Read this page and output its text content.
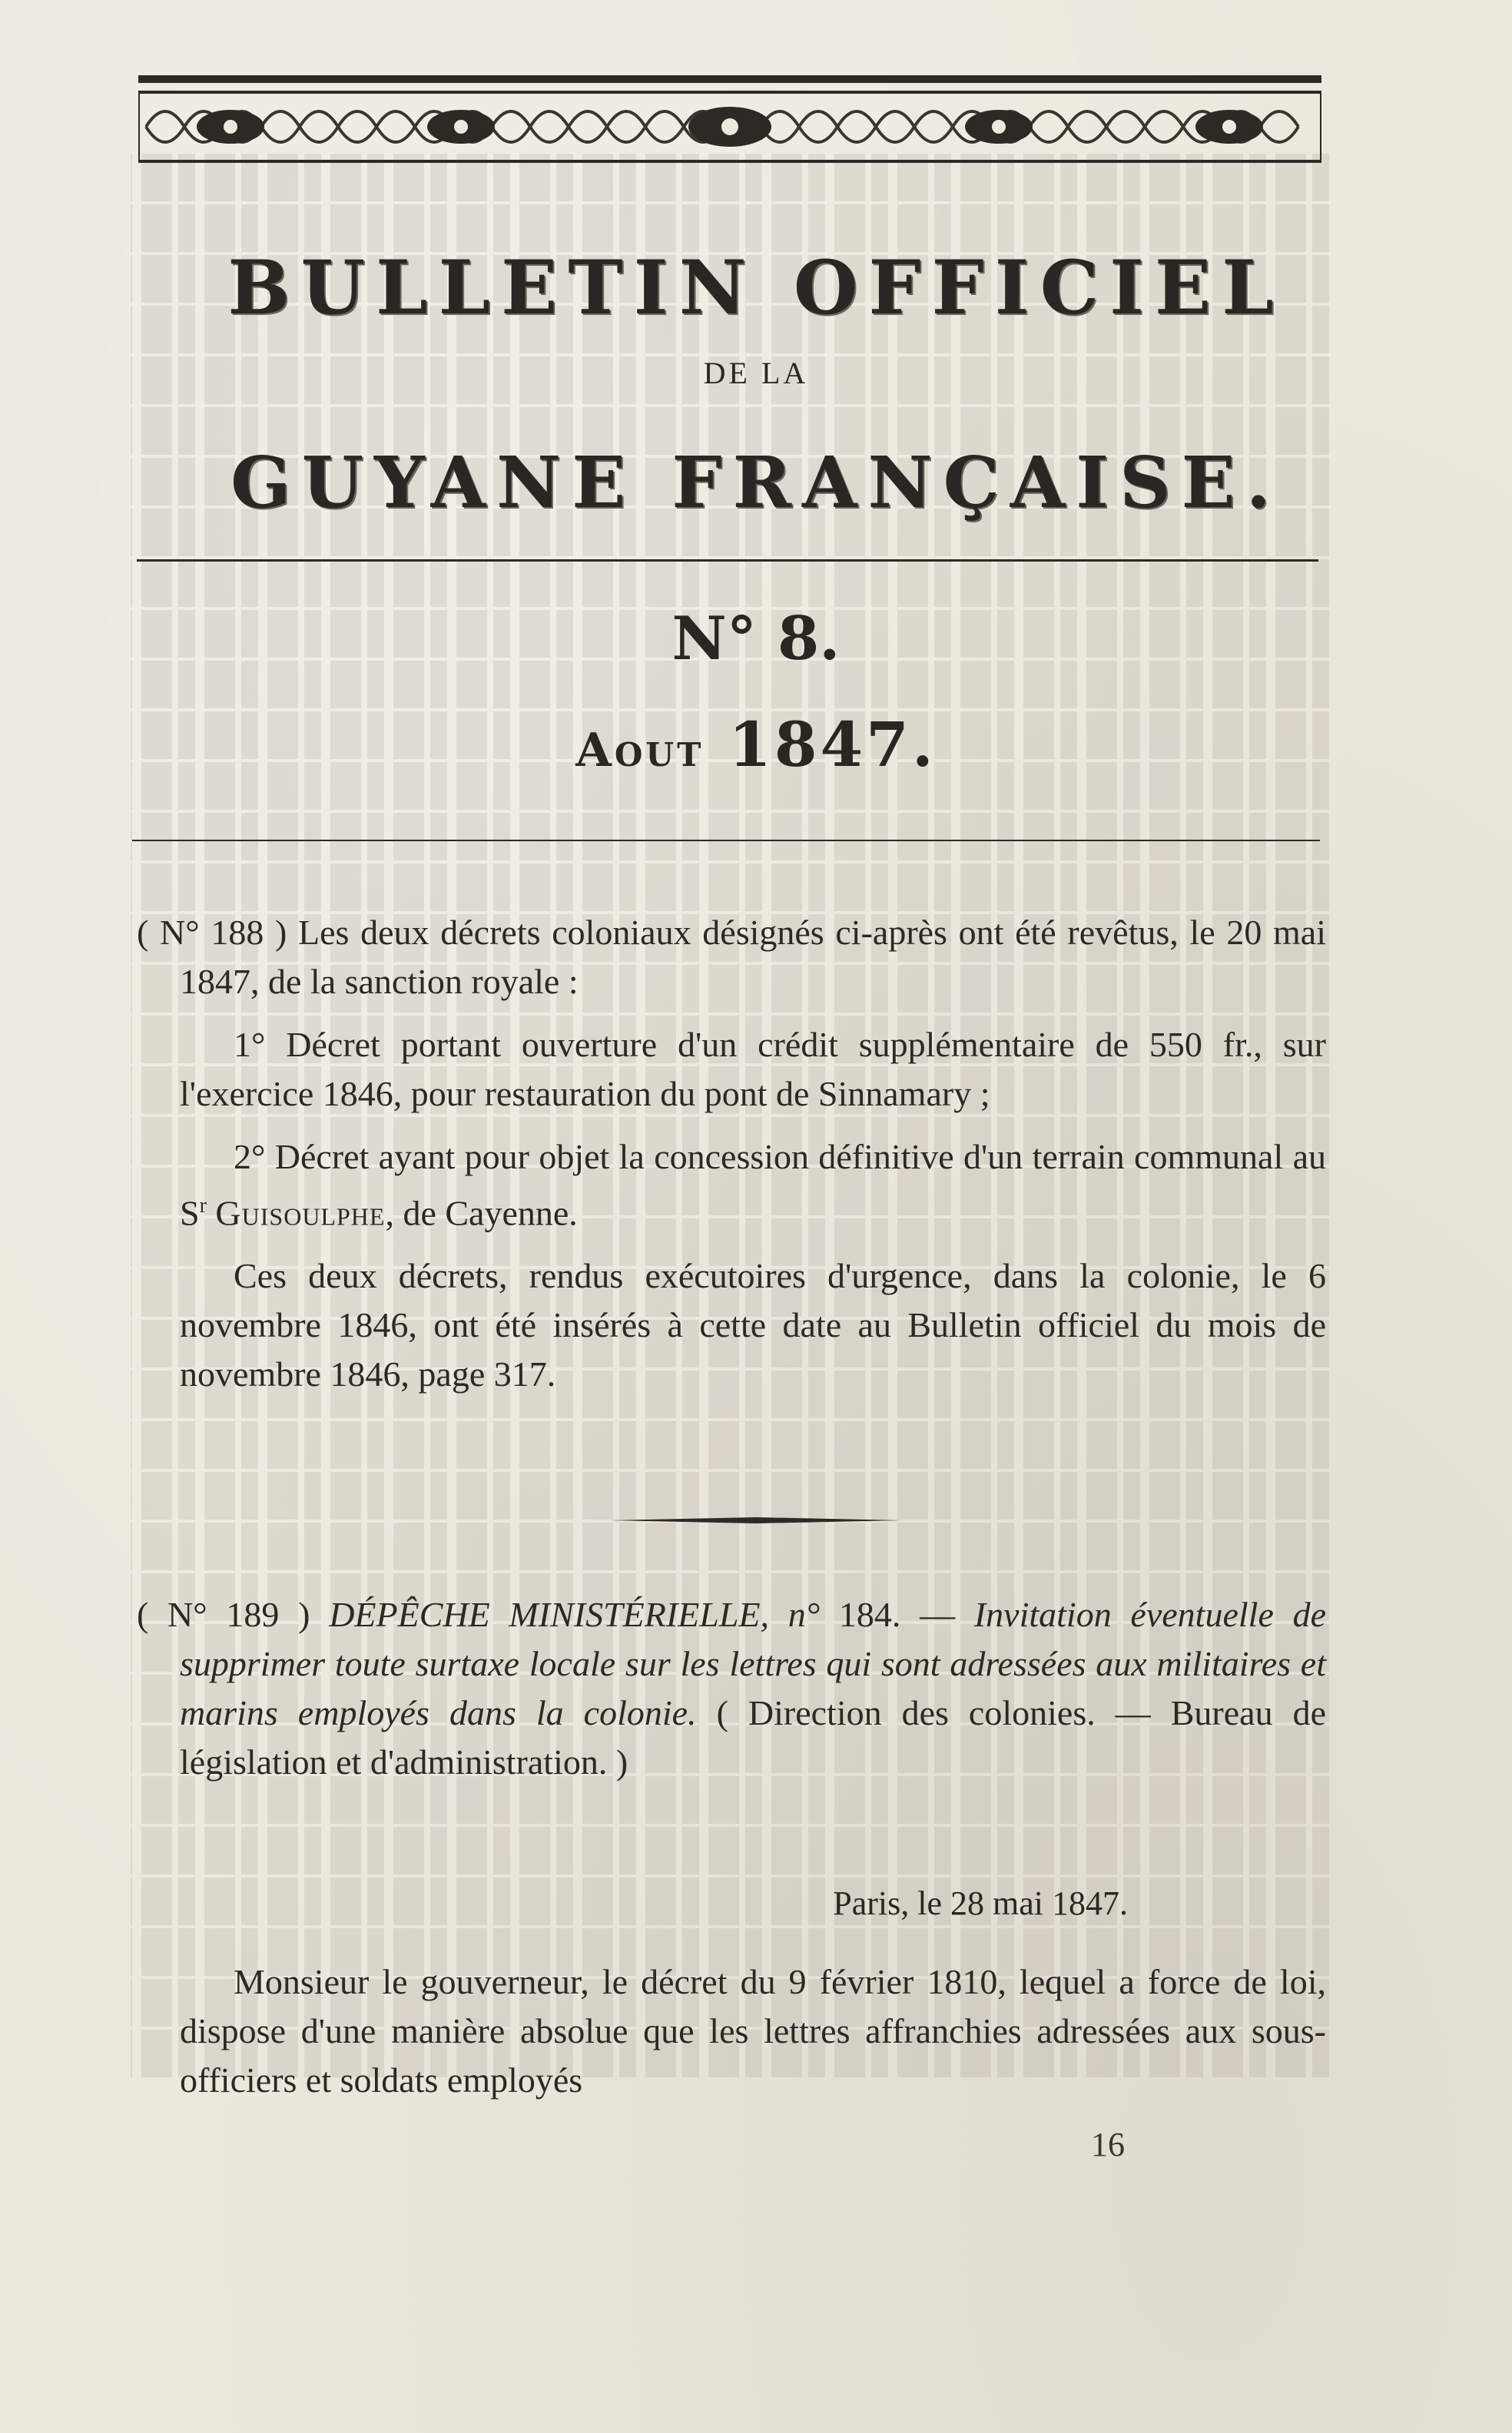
BULLETIN OFFICIEL
DE LA
GUYANE FRANÇAISE.
N° 8.
Aout 1847.

( N° 188 ) Les deux décrets coloniaux désignés ci-après ont été revêtus, le 20 mai 1847, de la sanction royale :

1° Décret portant ouverture d'un crédit supplémentaire de 550 fr., sur l'exercice 1846, pour restauration du pont de Sinnamary ;

2° Décret ayant pour objet la concession définitive d'un terrain communal au $S^r$ Guisoulphe, de Cayenne.

Ces deux décrets, rendus exécutoires d'urgence, dans la colonie, le 6 novembre 1846, ont été insérés à cette date au Bulletin officiel du mois de novembre 1846, page 317.

( N° 189 ) DÉPÊCHE MINISTÉRIELLE, n° 184. — Invitation éventuelle de supprimer toute surtaxe locale sur les lettres qui sont adressées aux militaires et marins employés dans la colonie. ( Direction des colonies. — Bureau de législation et d'administration. )

Paris, le 28 mai 1847.

Monsieur le gouverneur, le décret du 9 février 1810, lequel a force de loi, dispose d'une manière absolue que les lettres affranchies adressées aux sous-officiers et soldats employés

16
